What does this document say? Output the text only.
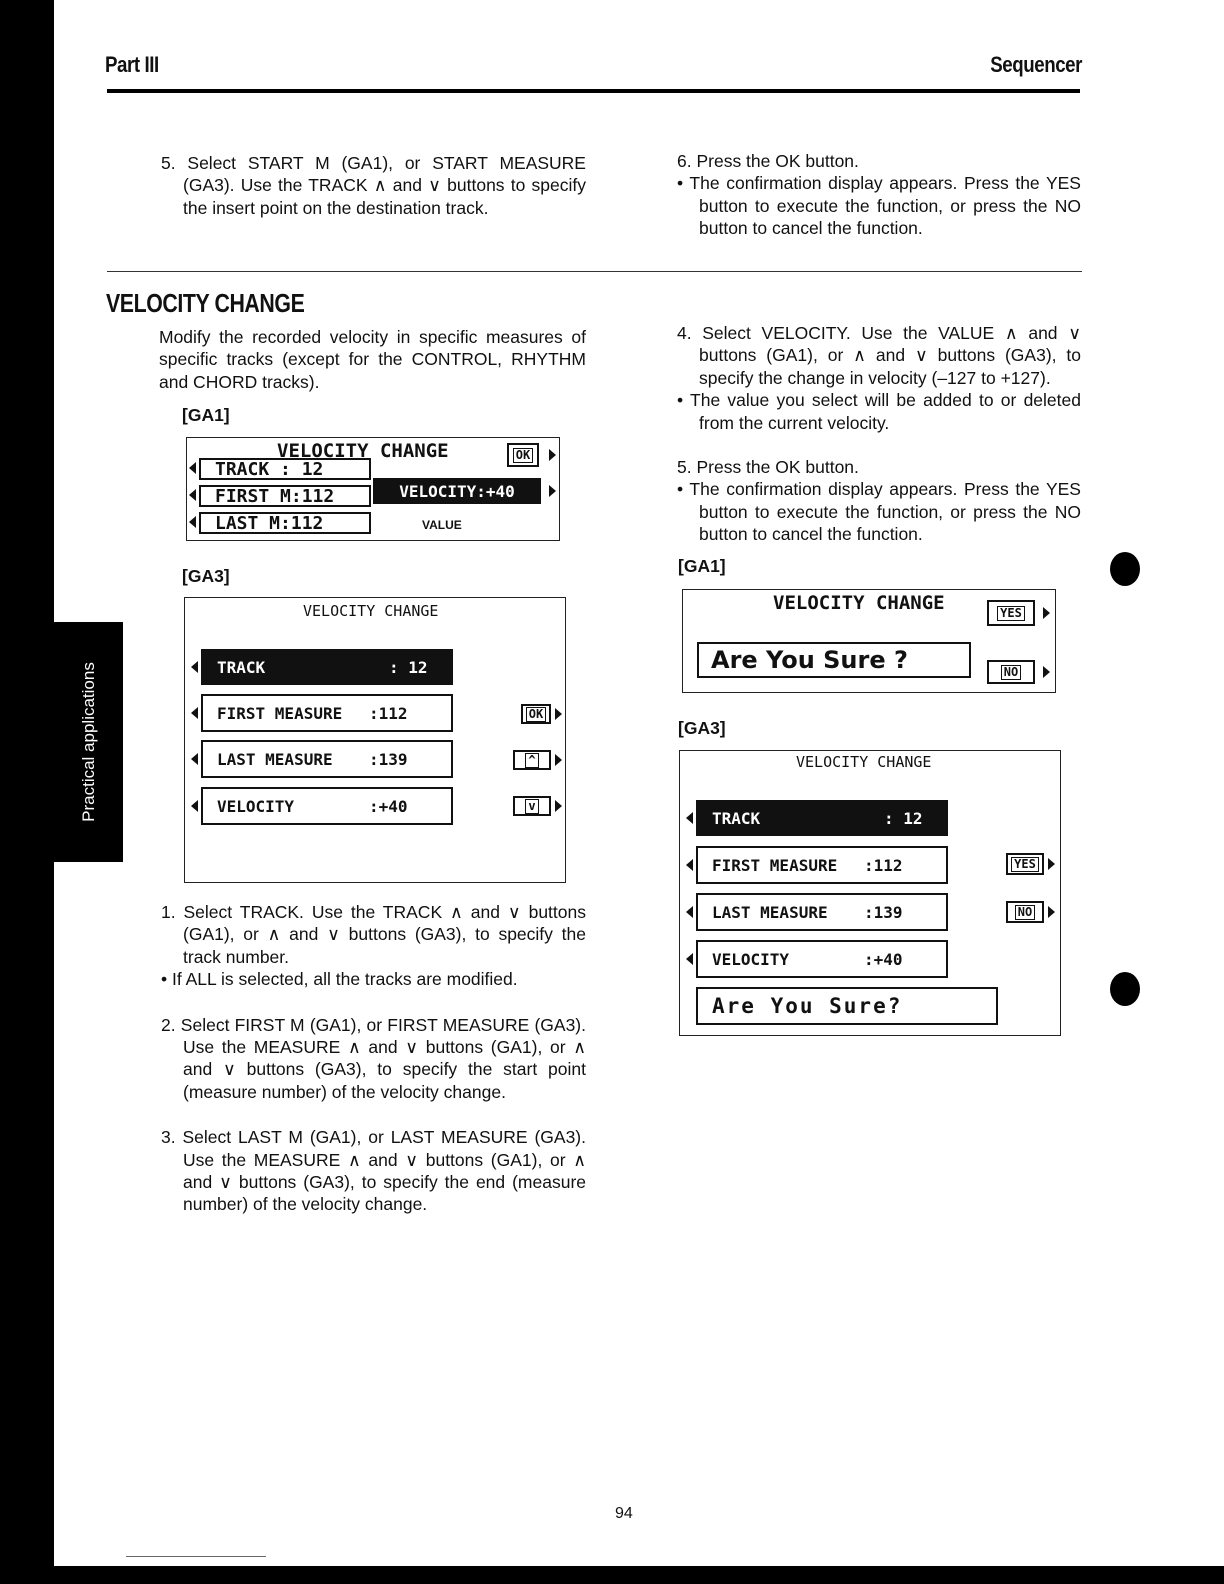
Part III	Sequencer

5. Select START M (GA1), or START MEASURE (GA3). Use the TRACK ∧ and ∨ buttons to specify the insert point on the destination track.

6. Press the OK button.

• The confirmation display appears. Press the YES button to execute the function, or press the NO button to cancel the function.

VELOCITY CHANGE

Modify the recorded velocity in specific measures of specific tracks (except for the CONTROL, RHYTHM and CHORD tracks).

[GA1]
VELOCITY CHANGE
TRACK : 12
FIRST M:112
LAST M:112
VELOCITY:+40
OK
VALUE
[GA3]
VELOCITY CHANGE
TRACK	: 12
FIRST MEASURE :112
LAST MEASURE :139
VELOCITY	:+40
OK
^
v

1. Select TRACK. Use the TRACK ∧ and ∨ buttons (GA1), or ∧ and ∨ buttons (GA3), to specify the track number.

• If ALL is selected, all the tracks are modified.

2. Select FIRST M (GA1), or FIRST MEASURE (GA3). Use the MEASURE ∧ and ∨ buttons (GA1), or ∧ and ∨ buttons (GA3), to specify the start point (measure number) of the velocity change.

3. Select LAST M (GA1), or LAST MEASURE (GA3). Use the MEASURE ∧ and ∨ buttons (GA1), or ∧ and ∨ buttons (GA3), to specify the end (measure number) of the velocity change.

4. Select VELOCITY. Use the VALUE ∧ and ∨ buttons (GA1), or ∧ and ∨ buttons (GA3), to specify the change in velocity (–127 to +127).

• The value you select will be added to or deleted from the current velocity.

5. Press the OK button.

• The confirmation display appears. Press the YES button to execute the function, or press the NO button to cancel the function.

[GA1]
VELOCITY CHANGE
Are You Sure ?
YES
NO
[GA3]
VELOCITY CHANGE
TRACK	: 12
FIRST MEASURE :112
LAST MEASURE :139
VELOCITY	:+40
Are You Sure?
YES
NO
Practical applications
94
